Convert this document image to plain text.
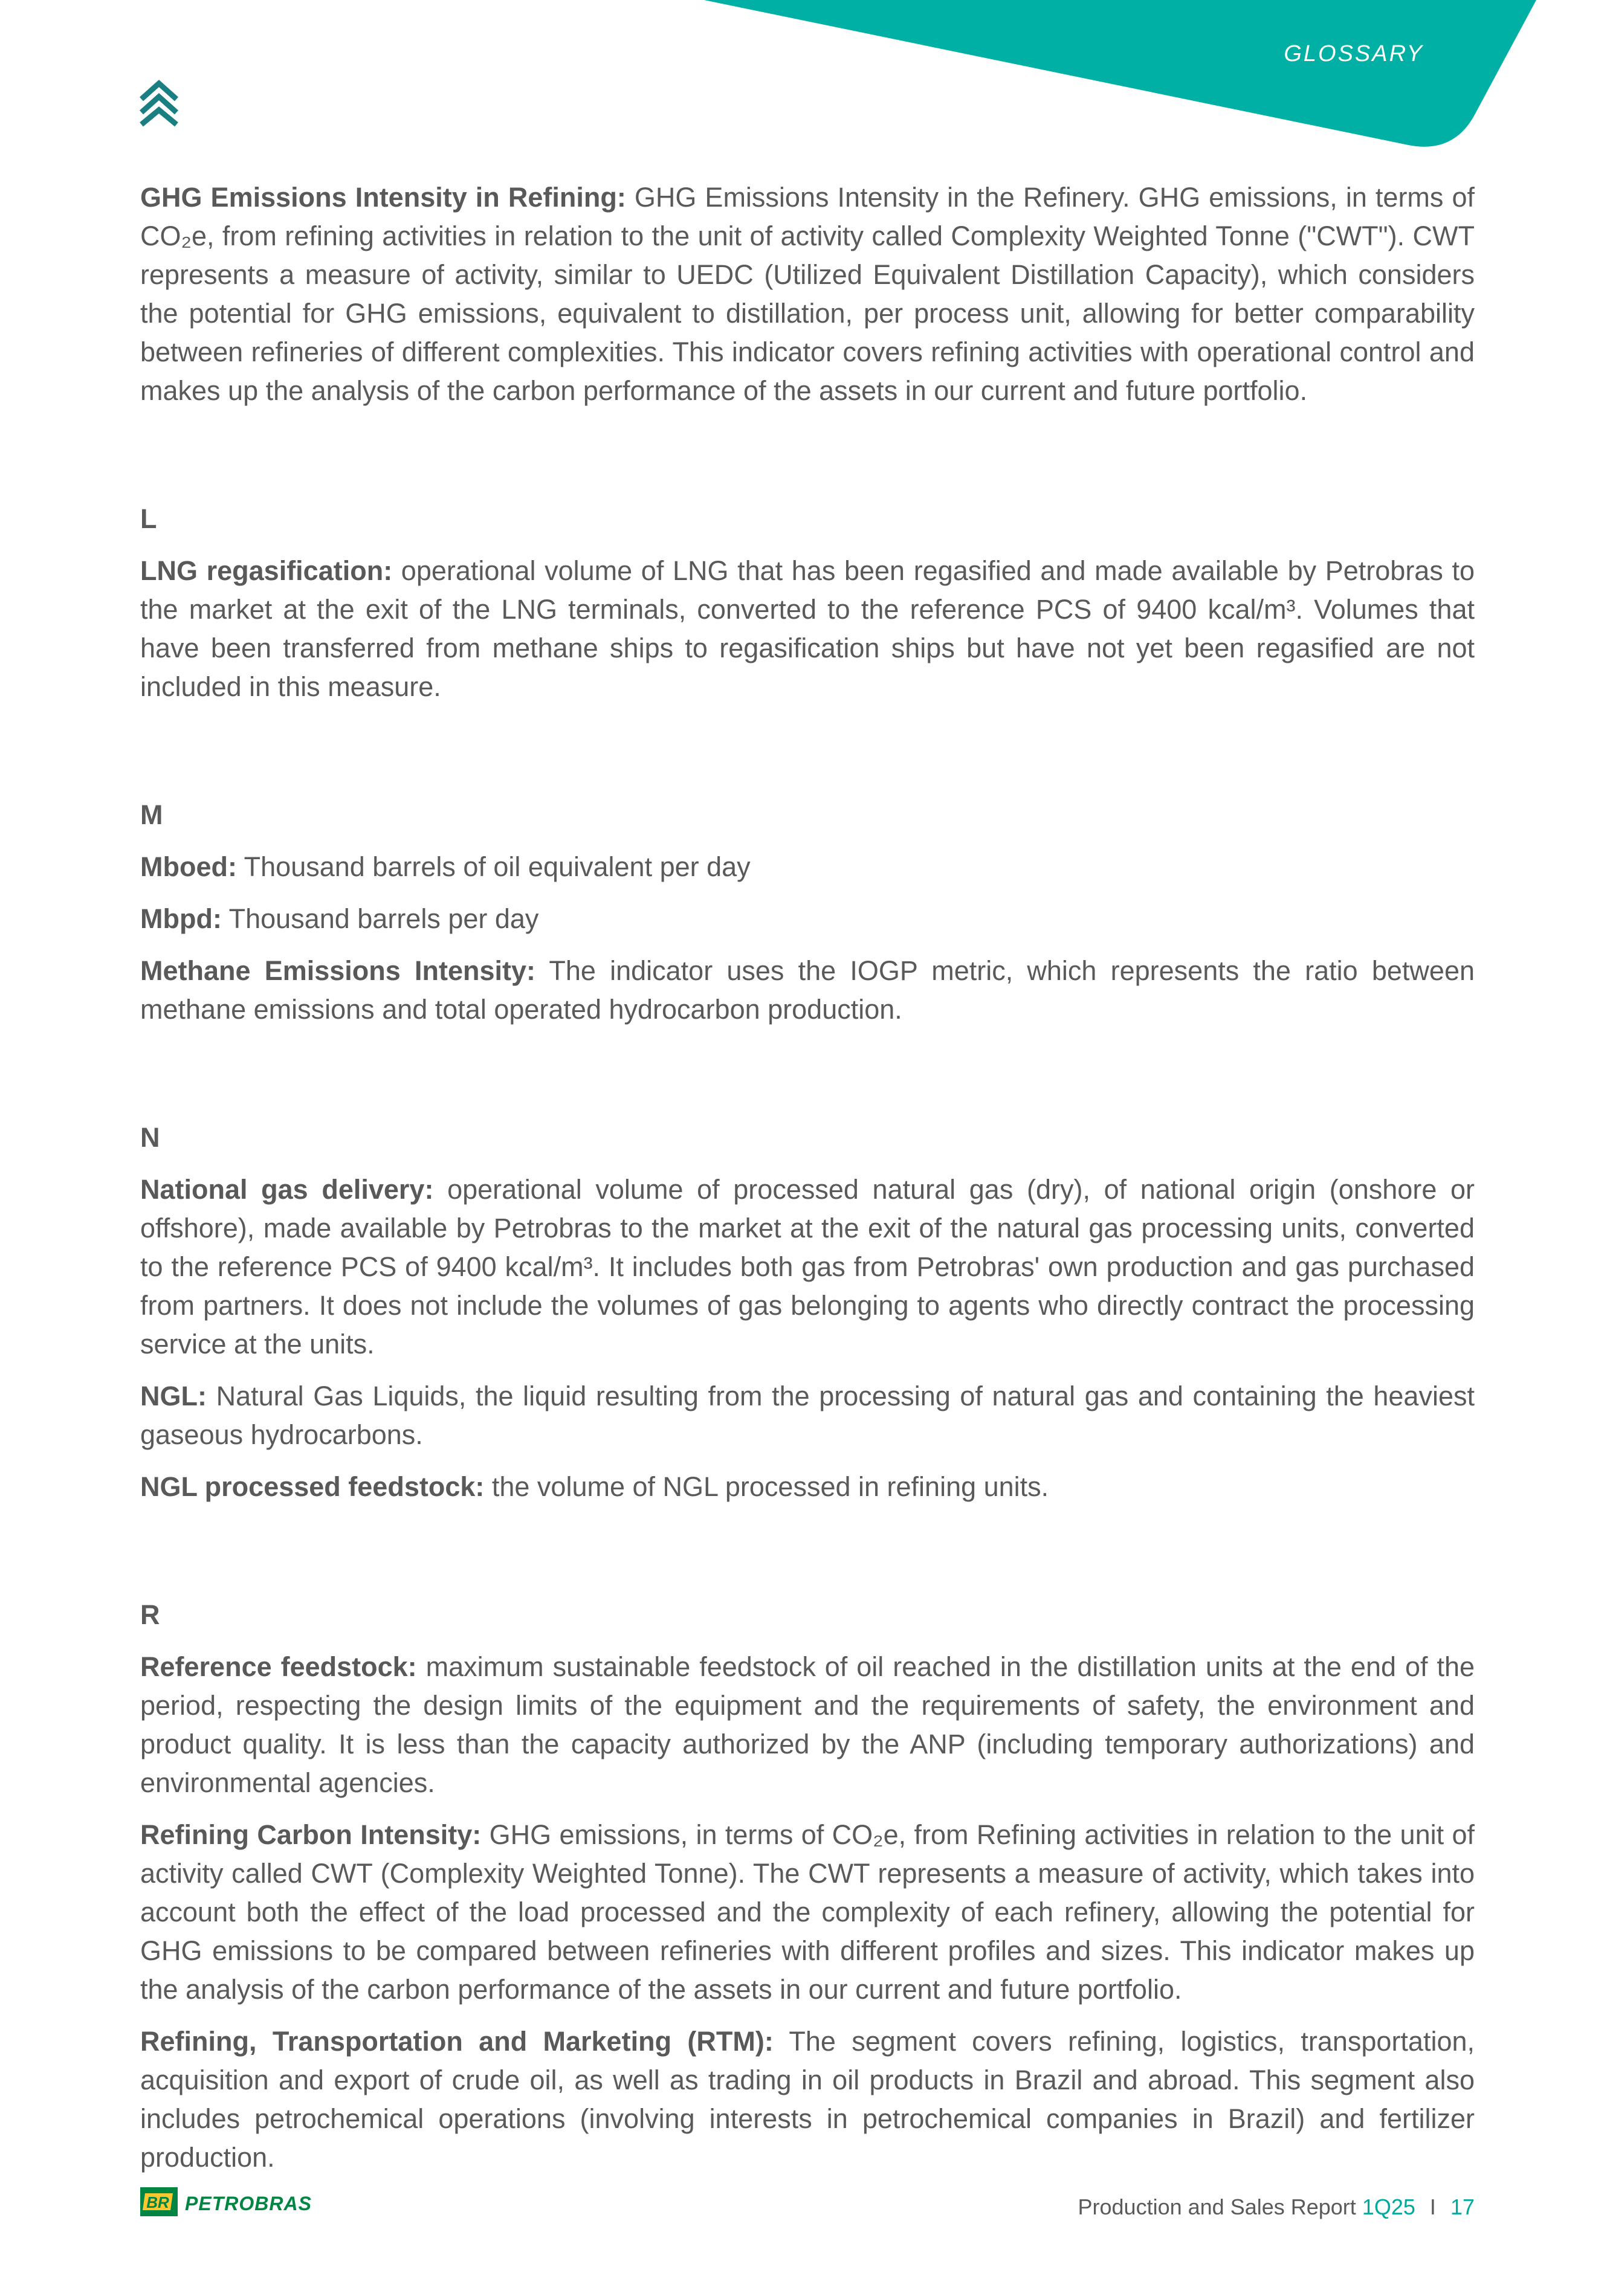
GLOSSARY

GHG Emissions Intensity in Refining: GHG Emissions Intensity in the Refinery. GHG emissions, in terms of CO₂e, from refining activities in relation to the unit of activity called Complexity Weighted Tonne ("CWT"). CWT represents a measure of activity, similar to UEDC (Utilized Equivalent Distillation Capacity), which considers the potential for GHG emissions, equivalent to distillation, per process unit, allowing for better comparability between refineries of different complexities. This indicator covers refining activities with operational control and makes up the analysis of the carbon performance of the assets in our current and future portfolio.

L

LNG regasification: operational volume of LNG that has been regasified and made available by Petrobras to the market at the exit of the LNG terminals, converted to the reference PCS of 9400 kcal/m³. Volumes that have been transferred from methane ships to regasification ships but have not yet been regasified are not included in this measure.

M

Mboed: Thousand barrels of oil equivalent per day

Mbpd: Thousand barrels per day

Methane Emissions Intensity: The indicator uses the IOGP metric, which represents the ratio between methane emissions and total operated hydrocarbon production.

N

National gas delivery: operational volume of processed natural gas (dry), of national origin (onshore or offshore), made available by Petrobras to the market at the exit of the natural gas processing units, converted to the reference PCS of 9400 kcal/m³. It includes both gas from Petrobras' own production and gas purchased from partners. It does not include the volumes of gas belonging to agents who directly contract the processing service at the units.

NGL: Natural Gas Liquids, the liquid resulting from the processing of natural gas and containing the heaviest gaseous hydrocarbons.

NGL processed feedstock: the volume of NGL processed in refining units.

R

Reference feedstock: maximum sustainable feedstock of oil reached in the distillation units at the end of the period, respecting the design limits of the equipment and the requirements of safety, the environment and product quality. It is less than the capacity authorized by the ANP (including temporary authorizations) and environmental agencies.

Refining Carbon Intensity: GHG emissions, in terms of CO₂e, from Refining activities in relation to the unit of activity called CWT (Complexity Weighted Tonne). The CWT represents a measure of activity, which takes into account both the effect of the load processed and the complexity of each refinery, allowing the potential for GHG emissions to be compared between refineries with different profiles and sizes. This indicator makes up the analysis of the carbon performance of the assets in our current and future portfolio.

Refining, Transportation and Marketing (RTM): The segment covers refining, logistics, transportation, acquisition and export of crude oil, as well as trading in oil products in Brazil and abroad. This segment also includes petrochemical operations (involving interests in petrochemical companies in Brazil) and fertilizer production.

BR PETROBRAS	Production and Sales Report 1Q25 I 17
